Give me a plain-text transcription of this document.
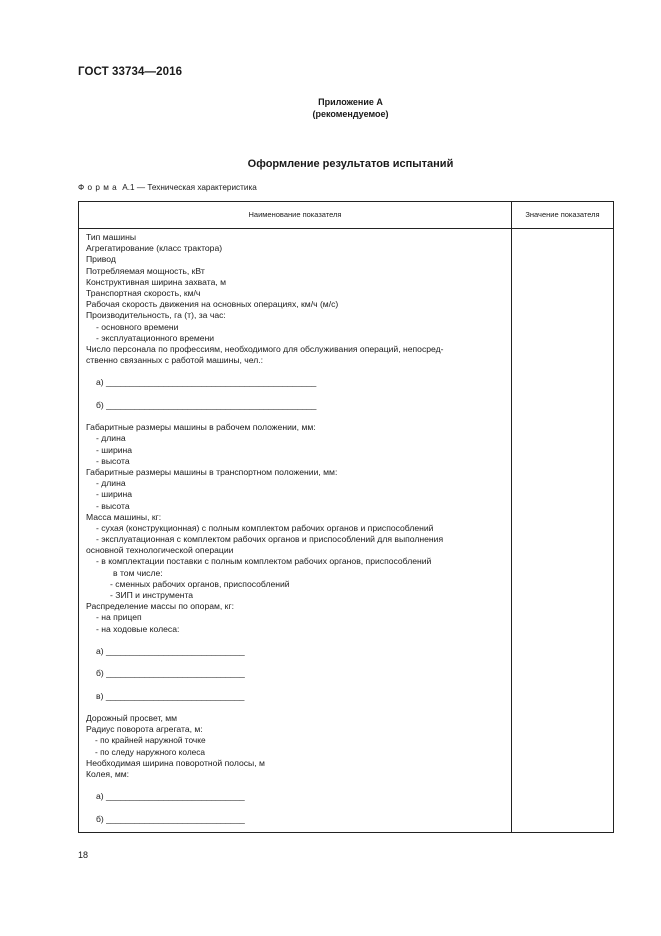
ГОСТ 33734—2016
Приложение А
(рекомендуемое)
Оформление результатов испытаний
Форма А.1 — Техническая характеристика
Наименование показателя	Значение показателя
Тип машины
Агрегатирование (класс трактора)
Привод
Потребляемая мощность, кВт
Конструктивная ширина захвата, м
Транспортная скорость, км/ч
Рабочая скорость движения на основных операциях, км/ч (м/с)
Производительность, га (т), за час:
- основного времени
- эксплуатационного времени
Число персонала по профессиям, необходимого для обслуживания операций, непосред-
ственно связанных с работой машины, чел.:
а) ____________________________________________
б) ____________________________________________
Габаритные размеры машины в рабочем положении, мм:
- длина
- ширина
- высота
Габаритные размеры машины в транспортном положении, мм:
- длина
- ширина
- высота
Масса машины, кг:
- сухая (конструкционная) с полным комплектом рабочих органов и приспособлений
- эксплуатационная с комплектом рабочих органов и приспособлений для выполнения
основной технологической операции
- в комплектации поставки с полным комплектом рабочих органов, приспособлений
в том числе:
- сменных рабочих органов, приспособлений
- ЗИП и инструмента
Распределение массы по опорам, кг:
- на прицеп
- на ходовые колеса:
а) _____________________________
б) _____________________________
в) _____________________________
Дорожный просвет, мм
Радиус поворота агрегата, м:
- по крайней наружной точке
- по следу наружного колеса
Необходимая ширина поворотной полосы, м
Колея, мм:
а) _____________________________
б) _____________________________
18
